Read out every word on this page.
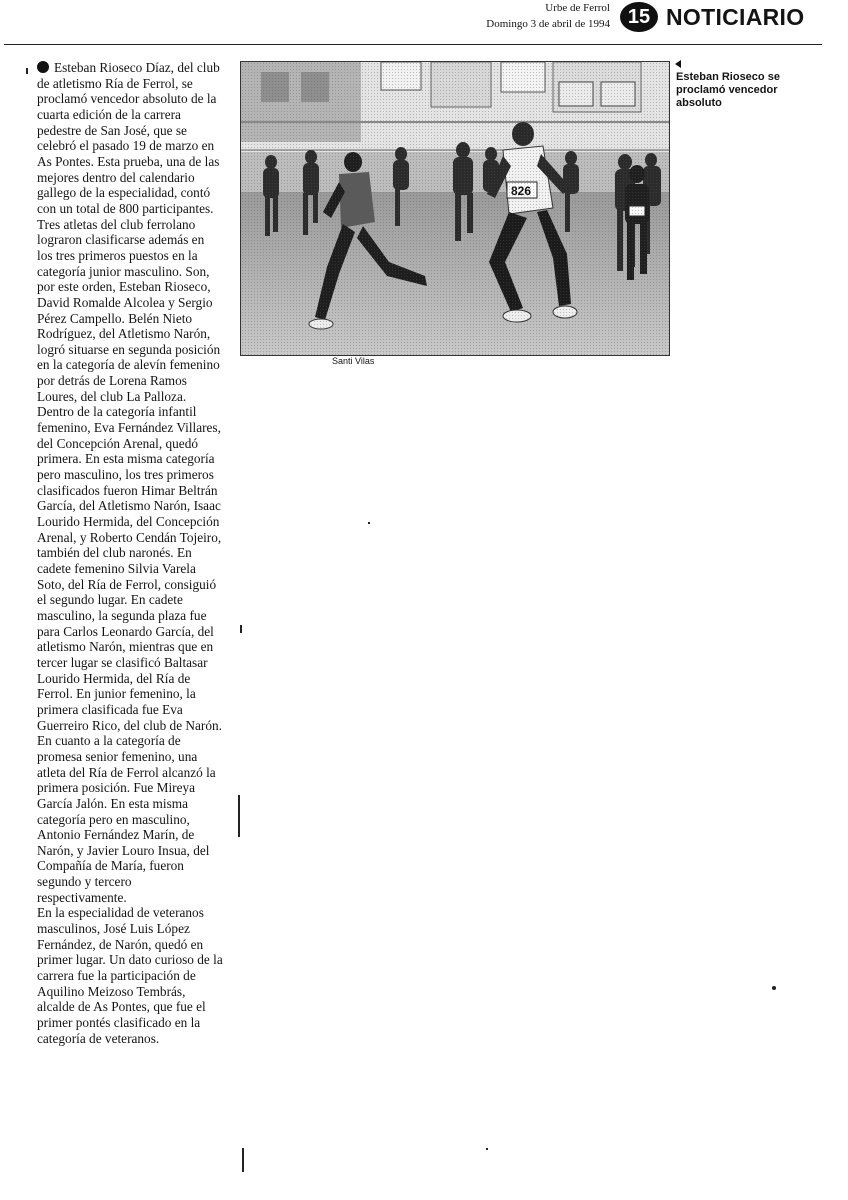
Urbe de Ferrol
Domingo 3 de abril de 1994 15 NOTICIARIO

Esteban Rioseco Díaz, del club de atletismo Ría de Ferrol, se proclamó vencedor absoluto de la cuarta edición de la carrera pedestre de San José, que se celebró el pasado 19 de marzo en As Pontes. Esta prueba, una de las mejores dentro del calendario gallego de la especialidad, contó con un total de 800 participantes. Tres atletas del club ferrolano lograron clasificarse además en los tres primeros puestos en la categoría junior masculino. Son, por este orden, Esteban Rioseco, David Romalde Alcolea y Sergio Pérez Campello. Belén Nieto Rodríguez, del Atletismo Narón, logró situarse en segunda posición en la categoría de alevín femenino por detrás de Lorena Ramos Loures, del club La Palloza.

Dentro de la categoría infantil femenino, Eva Fernández Villares, del Concepción Arenal, quedó primera. En esta misma categoría pero masculino, los tres primeros clasificados fueron Himar Beltrán García, del Atletismo Narón, Isaac Lourido Hermida, del Concepción Arenal, y Roberto Cendán Tojeiro, también del club naronés. En cadete femenino Silvia Varela Soto, del Ría de Ferrol, consiguió el segundo lugar. En cadete masculino, la segunda plaza fue para Carlos Leonardo García, del atletismo Narón, mientras que en tercer lugar se clasificó Baltasar Lourido Hermida, del Ría de Ferrol. En junior femenino, la primera clasificada fue Eva Guerreiro Rico, del club de Narón. En cuanto a la categoría de promesa senior femenino, una atleta del Ría de Ferrol alcanzó la primera posición. Fue Mireya García Jalón. En esta misma categoría pero en masculino, Antonio Fernández Marín, de Narón, y Javier Louro Insua, del Compañía de María, fueron segundo y tercero respectivamente.

En la especialidad de veteranos masculinos, José Luis López Fernández, de Narón, quedó en primer lugar. Un dato curioso de la carrera fue la participación de Aquilino Meizoso Tembrás, alcalde de As Pontes, que fue el primer pontés clasificado en la categoría de veteranos.

Santi Vilas
Esteban Rioseco se proclamó vencedor absoluto
